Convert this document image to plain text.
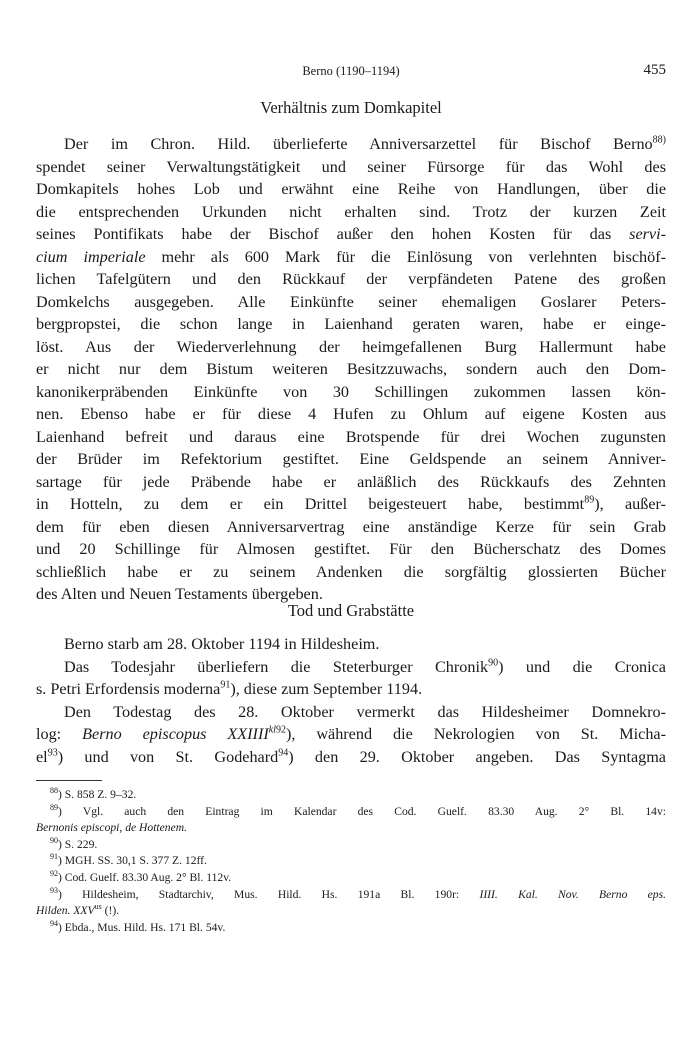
Berno (1190–1194)	455
Verhältnis zum Domkapitel
Der im Chron. Hild. überlieferte Anniversarzettel für Bischof Berno$^{88)}$
spendet seiner Verwaltungstätigkeit und seiner Fürsorge für das Wohl des
Domkapitels hohes Lob und erwähnt eine Reihe von Handlungen, über die
die entsprechenden Urkunden nicht erhalten sind. Trotz der kurzen Zeit
seines Pontifikats habe der Bischof außer den hohen Kosten für das servi-
cium imperiale mehr als 600 Mark für die Einlösung von verlehnten bischöf-
lichen Tafelgütern und den Rückkauf der verpfändeten Patene des großen
Domkelchs ausgegeben. Alle Einkünfte seiner ehemaligen Goslarer Peters-
bergpropstei, die schon lange in Laienhand geraten waren, habe er einge-
löst. Aus der Wiederverlehnung der heimgefallenen Burg Hallermunt habe
er nicht nur dem Bistum weiteren Besitzzuwachs, sondern auch den Dom-
kanonikerpräbenden Einkünfte von 30 Schillingen zukommen lassen kön-
nen. Ebenso habe er für diese 4 Hufen zu Ohlum auf eigene Kosten aus
Laienhand befreit und daraus eine Brotspende für drei Wochen zugunsten
der Brüder im Refektorium gestiftet. Eine Geldspende an seinem Anniver-
sartage für jede Präbende habe er anläßlich des Rückkaufs des Zehnten
in Hotteln, zu dem er ein Drittel beigesteuert habe, bestimmt$^{89}$), außer-
dem für eben diesen Anniversarvertrag eine anständige Kerze für sein Grab
und 20 Schillinge für Almosen gestiftet. Für den Bücherschatz des Domes
schließlich habe er zu seinem Andenken die sorgfältig glossierten Bücher
des Alten und Neuen Testaments übergeben.
Tod und Grabstätte
Berno starb am 28. Oktober 1194 in Hildesheim.
Das Todesjahr überliefern die Steterburger Chronik$^{90}$) und die Cronica
s. Petri Erfordensis moderna$^{91}$), diese zum September 1194.
Den Todestag des 28. Oktober vermerkt das Hildesheimer Domnekro-
log: Berno episcopus XXIIII$^{kl92}$), während die Nekrologien von St. Micha-
el$^{93}$) und von St. Godehard$^{94}$) den 29. Oktober angeben. Das Syntagma
$^{88}$) S. 858 Z. 9–32.
$^{89}$) Vgl. auch den Eintrag im Kalendar des Cod. Guelf. 83.30 Aug. 2° Bl. 14v:
Bernonis episcopi, de Hottenem.
$^{90}$) S. 229.
$^{91}$) MGH. SS. 30,1 S. 377 Z. 12ff.
$^{92}$) Cod. Guelf. 83.30 Aug. 2° Bl. 112v.
$^{93}$) Hildesheim, Stadtarchiv, Mus. Hild. Hs. 191a Bl. 190r: IIII. Kal. Nov. Berno eps.
Hilden. $XXV^{us}$ (!).
$^{94}$) Ebda., Mus. Hild. Hs. 171 Bl. 54v.
